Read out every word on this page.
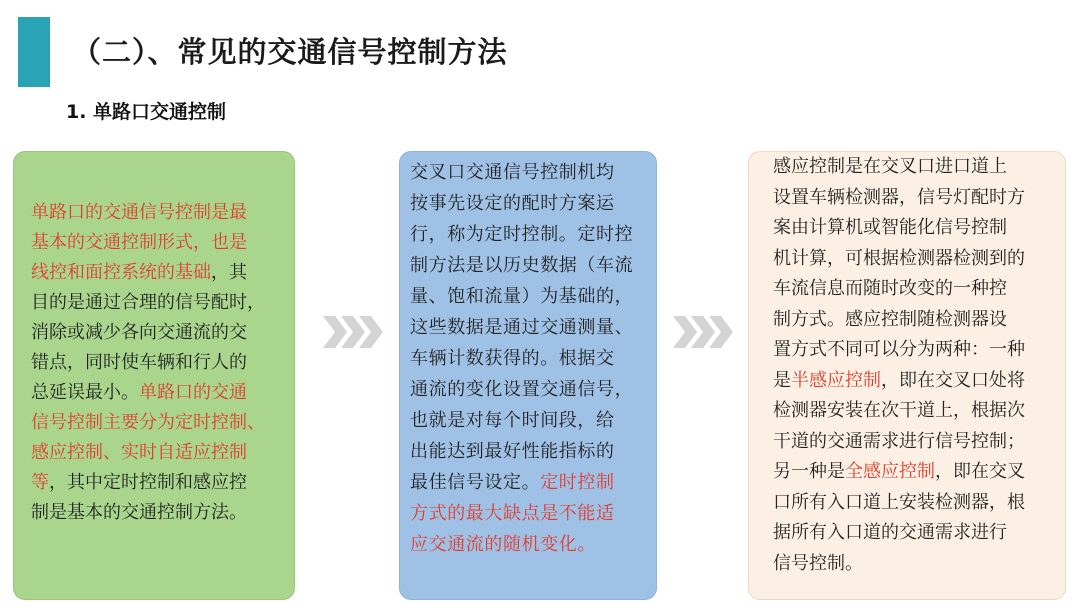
（二）、常见的交通信号控制方法
1. 单路口交通控制

单路口的交通信号控制是最

基本的交通控制形式，也是

线控和面控系统的基础，其

目的是通过合理的信号配时，

消除或减少各向交通流的交

错点，同时使车辆和行人的

总延误最小。单路口的交通

信号控制主要分为定时控制、

感应控制、实时自适应控制

等，其中定时控制和感应控

制是基本的交通控制方法。

交叉口交通信号控制机均

按事先设定的配时方案运

行，称为定时控制。定时控

制方法是以历史数据（车流

量、饱和流量）为基础的，

这些数据是通过交通测量、

车辆计数获得的。根据交

通流的变化设置交通信号，

也就是对每个时间段，给

出能达到最好性能指标的

最佳信号设定。定时控制

方式的最大缺点是不能适

应交通流的随机变化。

感应控制是在交叉口进口道上

设置车辆检测器，信号灯配时方

案由计算机或智能化信号控制

机计算，可根据检测器检测到的

车流信息而随时改变的一种控

制方式。感应控制随检测器设

置方式不同可以分为两种：一种

是半感应控制，即在交叉口处将

检测器安装在次干道上，根据次

干道的交通需求进行信号控制；

另一种是全感应控制，即在交叉

口所有入口道上安装检测器，根

据所有入口道的交通需求进行

信号控制。
